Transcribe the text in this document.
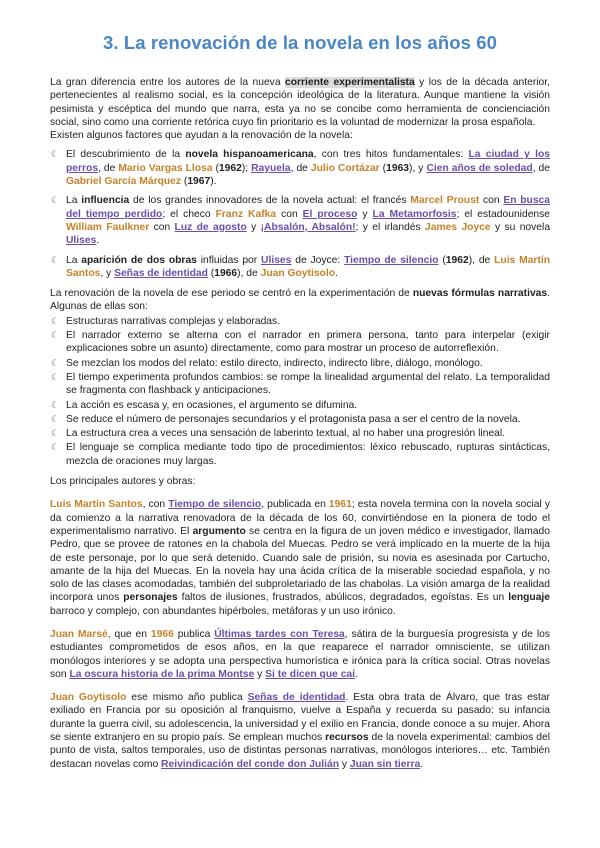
3. La renovación de la novela en los años 60

La gran diferencia entre los autores de la nueva corriente experimentalista y los de la década anterior, pertenecientes al realismo social, es la concepción ideológica de la literatura. Aunque mantiene la visión pesimista y escéptica del mundo que narra, esta ya no se concibe como herramienta de concienciación social, sino como una corriente retórica cuyo fin prioritario es la voluntad de modernizar la prosa española.

Existen algunos factores que ayudan a la renovación de la novela:

☾ El descubrimiento de la novela hispanoamericana, con tres hitos fundamentales: La ciudad y los perros, de Mario Vargas Llosa (1962); Rayuela, de Julio Cortázar (1963), y Cien años de soledad, de Gabriel García Márquez (1967).
☾ La influencia de los grandes innovadores de la novela actual: el francés Marcel Proust con En busca del tiempo perdido; el checo Franz Kafka con El proceso y La Metamorfosis; el estadounidense William Faulkner con Luz de agosto y ¡Absalón, Absalón!; y el irlandés James Joyce y su novela Ulises.
☾ La aparición de dos obras influidas por Ulises de Joyce: Tiempo de silencio (1962), de Luis Martín Santos, y Señas de identidad (1966), de Juan Goytisolo.

La renovación de la novela de ese periodo se centró en la experimentación de nuevas fórmulas narrativas. Algunas de ellas son:

☾ Estructuras narrativas complejas y elaboradas.
☾ El narrador externo se alterna con el narrador en primera persona, tanto para interpelar (exigir explicaciones sobre un asunto) directamente, como para mostrar un proceso de autorreflexión.
☾ Se mezclan los modos del relato: estilo directo, indirecto, indirecto libre, diálogo, monólogo.
☾ El tiempo experimenta profundos cambios: se rompe la linealidad argumental del relato. La temporalidad se fragmenta con flashback y anticipaciones.
☾ La acción es escasa y, en ocasiones, el argumento se difumina.
☾ Se reduce el número de personajes secundarios y el protagonista pasa a ser el centro de la novela.
☾ La estructura crea a veces una sensación de laberinto textual, al no haber una progresión lineal.
☾ El lenguaje se complica mediante todo tipo de procedimientos: léxico rebuscado, rupturas sintácticas, mezcla de oraciones muy largas.

Los principales autores y obras:

Luis Martín Santos, con Tiempo de silencio, publicada en 1961; esta novela termina con la novela social y da comienzo a la narrativa renovadora de la década de los 60, convirtiéndose en la pionera de todo el experimentalismo narrativo. El argumento se centra en la figura de un joven médico e investigador, llamado Pedro, que se provee de ratones en la chabola del Muecas. Pedro se verá implicado en la muerte de la hija de este personaje, por lo que será detenido. Cuando sale de prisión, su novia es asesinada por Cartucho, amante de la hija del Muecas. En la novela hay una ácida crítica de la miserable sociedad española, y no solo de las clases acomodadas, también del subproletariado de las chabolas. La visión amarga de la realidad incorpora unos personajes faltos de ilusiones, frustrados, abúlicos, degradados, egoístas. Es un lenguaje barroco y complejo, con abundantes hipérboles, metáforas y un uso irónico.

Juan Marsé, que en 1966 publica Últimas tardes con Teresa, sátira de la burguesía progresista y de los estudiantes comprometidos de esos años, en la que reaparece el narrador omnisciente, se utilizan monólogos interiores y se adopta una perspectiva humorística e irónica para la crítica social. Otras novelas son La oscura historia de la prima Montse y Si te dicen que caí.

Juan Goytisolo ese mismo año publica Señas de identidad. Esta obra trata de Álvaro, que tras estar exiliado en Francia por su oposición al franquismo, vuelve a España y recuerda su pasado: su infancia durante la guerra civil, su adolescencia, la universidad y el exilio en Francia, donde conoce a su mujer. Ahora se siente extranjero en su propio país. Se emplean muchos recursos de la novela experimental: cambios del punto de vista, saltos temporales, uso de distintas personas narrativas, monólogos interiores… etc. También destacan novelas como Reivindicación del conde don Julián y Juan sin tierra.
